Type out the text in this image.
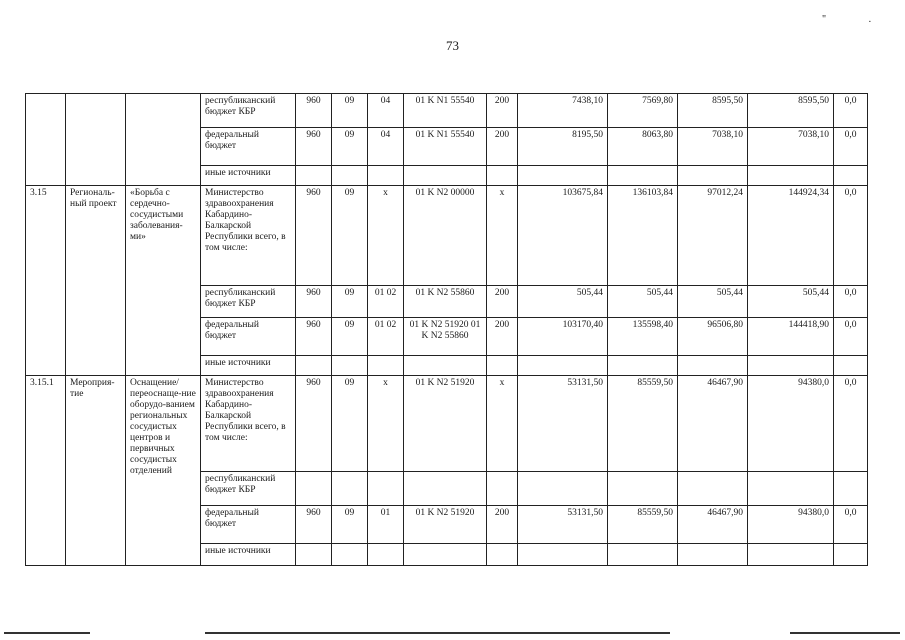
73
" .
			республиканский бюджет КБР	960	09	04	01 K N1 55540	200	7438,10	7569,80	8595,50	8595,50	0,0
			федеральный бюджет	960	09	04	01 K N1 55540	200	8195,50	8063,80	7038,10	7038,10	0,0
			иные источники										
3.15	Региональ-ный проект	«Борьба с сердечно-сосудистыми заболевания-ми»	Министерство здравоохранения Кабардино-Балкарской Республики всего, в том числе:	960	09	x	01 K N2 00000	x	103675,84	136103,84	97012,24	144924,34	0,0
			республиканский бюджет КБР	960	09	01 02	01 K N2 55860	200	505,44	505,44	505,44	505,44	0,0
			федеральный бюджет	960	09	01 02	01 K N2 51920 01 K N2 55860	200	103170,40	135598,40	96506,80	144418,90	0,0
			иные источники										
3.15.1	Мероприя-тие	Оснащение/ переоснаще-ние оборудо-ванием региональных сосудистых центров и первичных сосудистых отделений	Министерство здравоохранения Кабардино-Балкарской Республики всего, в том числе:	960	09	x	01 K N2 51920	x	53131,50	85559,50	46467,90	94380,0	0,0
			республиканский бюджет КБР										
			федеральный бюджет	960	09	01	01 K N2 51920	200	53131,50	85559,50	46467,90	94380,0	0,0
			иные источники										
